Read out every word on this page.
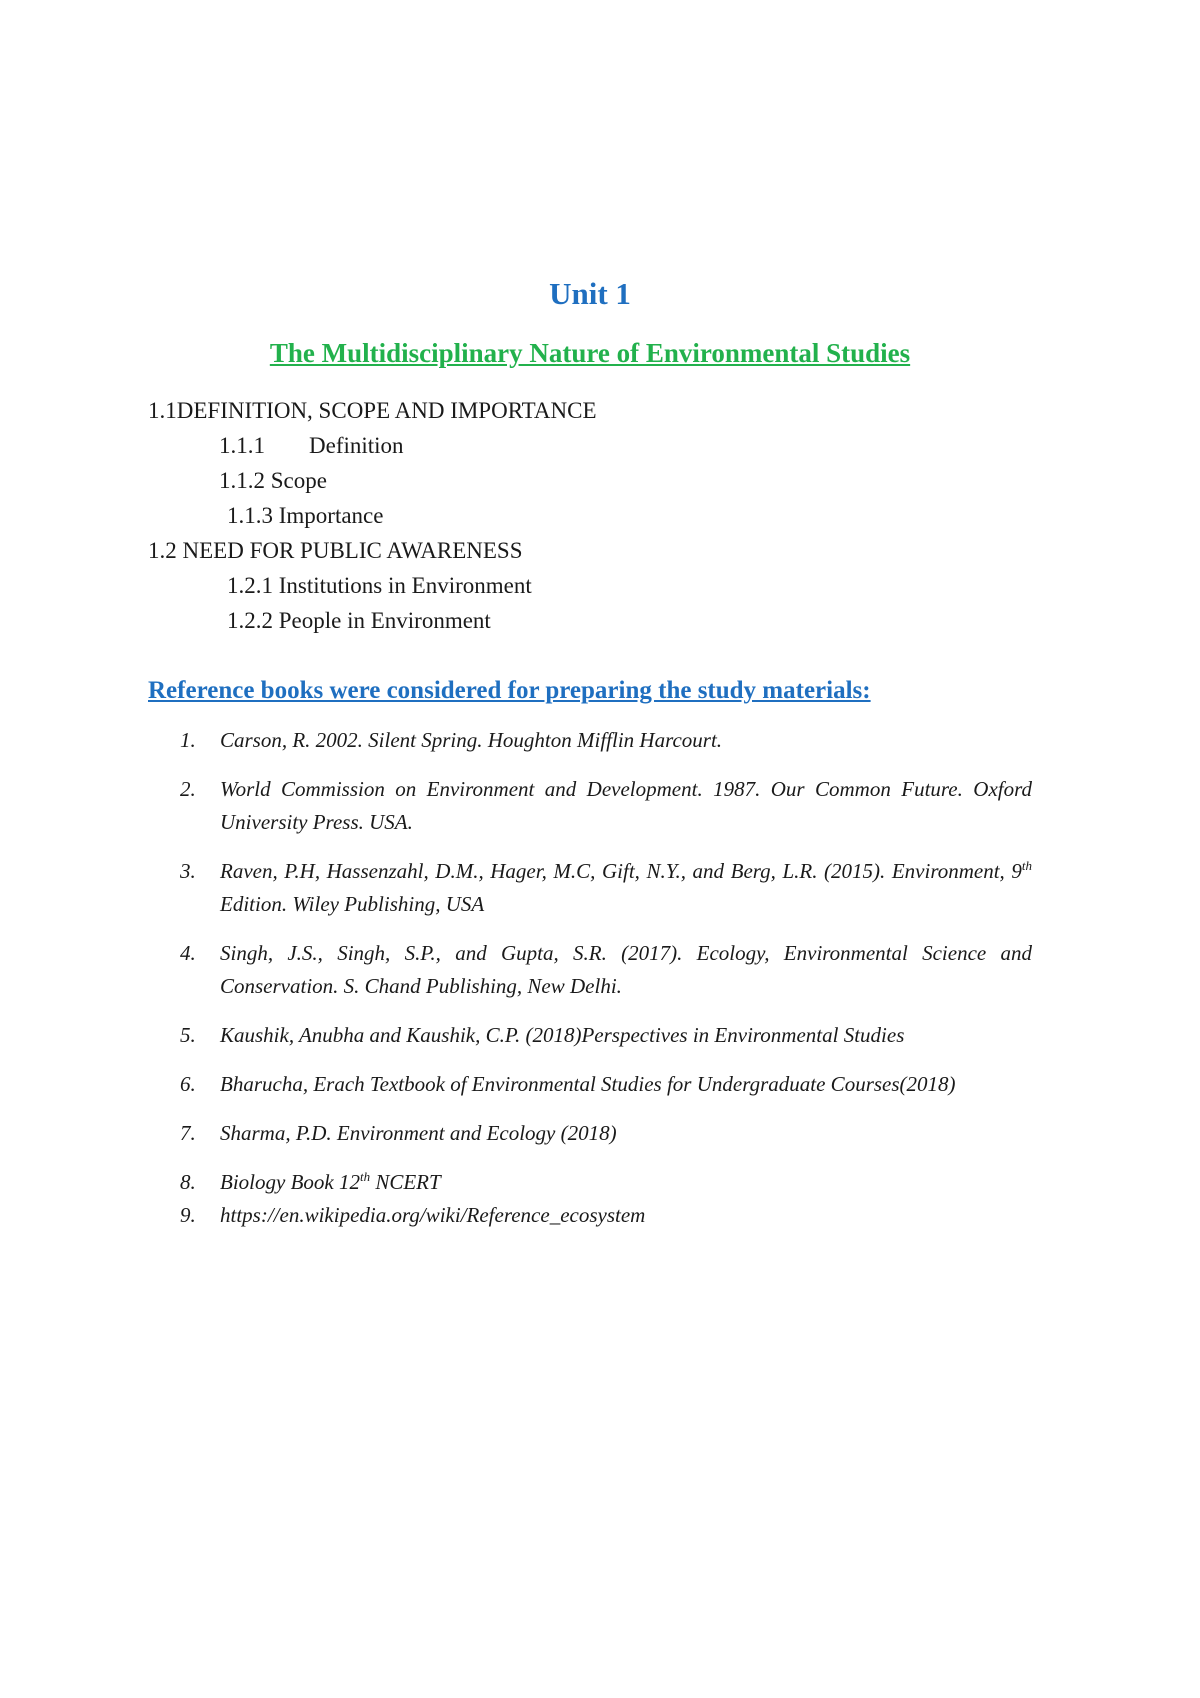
Unit 1
The Multidisciplinary Nature of Environmental Studies
1.1DEFINITION, SCOPE AND IMPORTANCE
1.1.1 Definition
1.1.2 Scope
1.1.3 Importance
1.2 NEED FOR PUBLIC AWARENESS
1.2.1 Institutions in Environment
1.2.2 People in Environment
Reference books were considered for preparing the study materials:
1. Carson, R. 2002. Silent Spring. Houghton Mifflin Harcourt.
2. World Commission on Environment and Development. 1987. Our Common Future. Oxford University Press. USA.
3. Raven, P.H, Hassenzahl, D.M., Hager, M.C, Gift, N.Y., and Berg, L.R. (2015). Environment, 9th Edition. Wiley Publishing, USA
4. Singh, J.S., Singh, S.P., and Gupta, S.R. (2017). Ecology, Environmental Science and Conservation. S. Chand Publishing, New Delhi.
5. Kaushik, Anubha and Kaushik, C.P. (2018)Perspectives in Environmental Studies
6. Bharucha, Erach Textbook of Environmental Studies for Undergraduate Courses(2018)
7. Sharma, P.D. Environment and Ecology (2018)
8. Biology Book 12th NCERT
9. https://en.wikipedia.org/wiki/Reference_ecosystem
